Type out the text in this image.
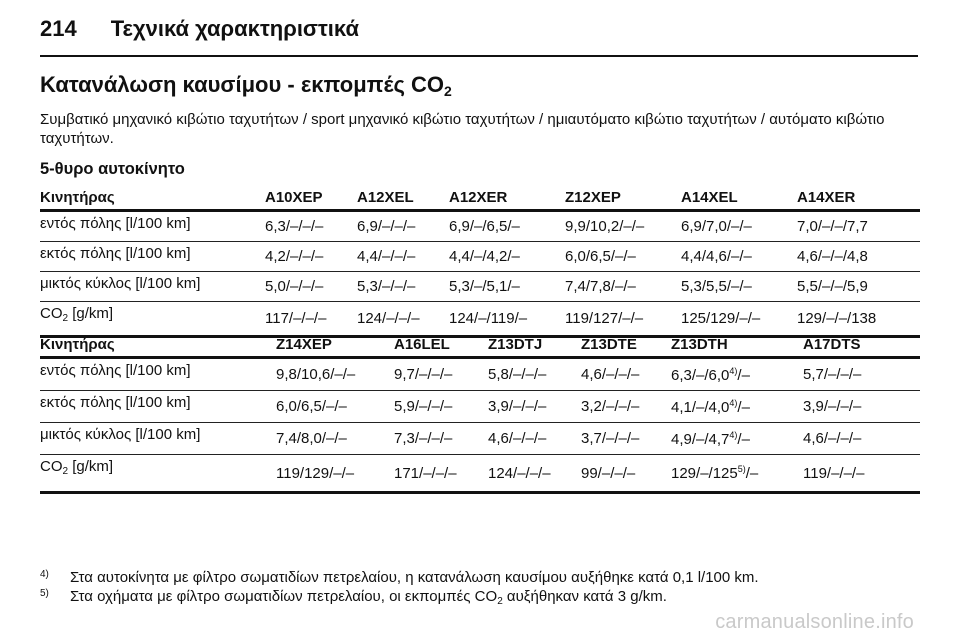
214 Τεχνικά χαρακτηριστικά
Κατανάλωση καυσίμου - εκπομπές $CO_2$
Συμβατικό μηχανικό κιβώτιο ταχυτήτων / sport μηχανικό κιβώτιο ταχυτήτων / ημιαυτόματο κιβώτιο ταχυτήτων / αυτόματο κιβώτιο ταχυτήτων.
5-θυρο αυτοκίνητο
Κινητήρας	A10XEP	A12XEL	A12XER	Z12XEP	A14XEL	A14XER
εντός πόλης [l/100 km]	6,3/–/–/–	6,9/–/–/–	6,9/–/6,5/–	9,9/10,2/–/–	6,9/7,0/–/–	7,0/–/–/7,7
εκτός πόλης [l/100 km]	4,2/–/–/–	4,4/–/–/–	4,4/–/4,2/–	6,0/6,5/–/–	4,4/4,6/–/–	4,6/–/–/4,8
μικτός κύκλος [l/100 km]	5,0/–/–/–	5,3/–/–/–	5,3/–/5,1/–	7,4/7,8/–/–	5,3/5,5/–/–	5,5/–/–/5,9
$CO_2$ [g/km]	117/–/–/–	124/–/–/–	124/–/119/–	119/127/–/–	125/129/–/–	129/–/–/138
Κινητήρας	Z14XEP	A16LEL	Z13DTJ	Z13DTE	Z13DTH	A17DTS
εντός πόλης [l/100 km]	9,8/10,6/–/–	9,7/–/–/–	5,8/–/–/–	4,6/–/–/–	6,3/–/6,0$^{4)}$/–	5,7/–/–/–
εκτός πόλης [l/100 km]	6,0/6,5/–/–	5,9/–/–/–	3,9/–/–/–	3,2/–/–/–	4,1/–/4,0$^{4)}$/–	3,9/–/–/–
μικτός κύκλος [l/100 km]	7,4/8,0/–/–	7,3/–/–/–	4,6/–/–/–	3,7/–/–/–	4,9/–/4,7$^{4)}$/–	4,6/–/–/–
$CO_2$ [g/km]	119/129/–/–	171/–/–/–	124/–/–/–	99/–/–/–	129/–/125$^{5)}$/–	119/–/–/–
4)	Στα αυτοκίνητα με φίλτρο σωματιδίων πετρελαίου, η κατανάλωση καυσίμου αυξήθηκε κατά 0,1 l/100 km.
5)	Στα οχήματα με φίλτρο σωματιδίων πετρελαίου, οι εκπομπές $CO_2$ αυξήθηκαν κατά 3 g/km.
carmanualsonline.info
